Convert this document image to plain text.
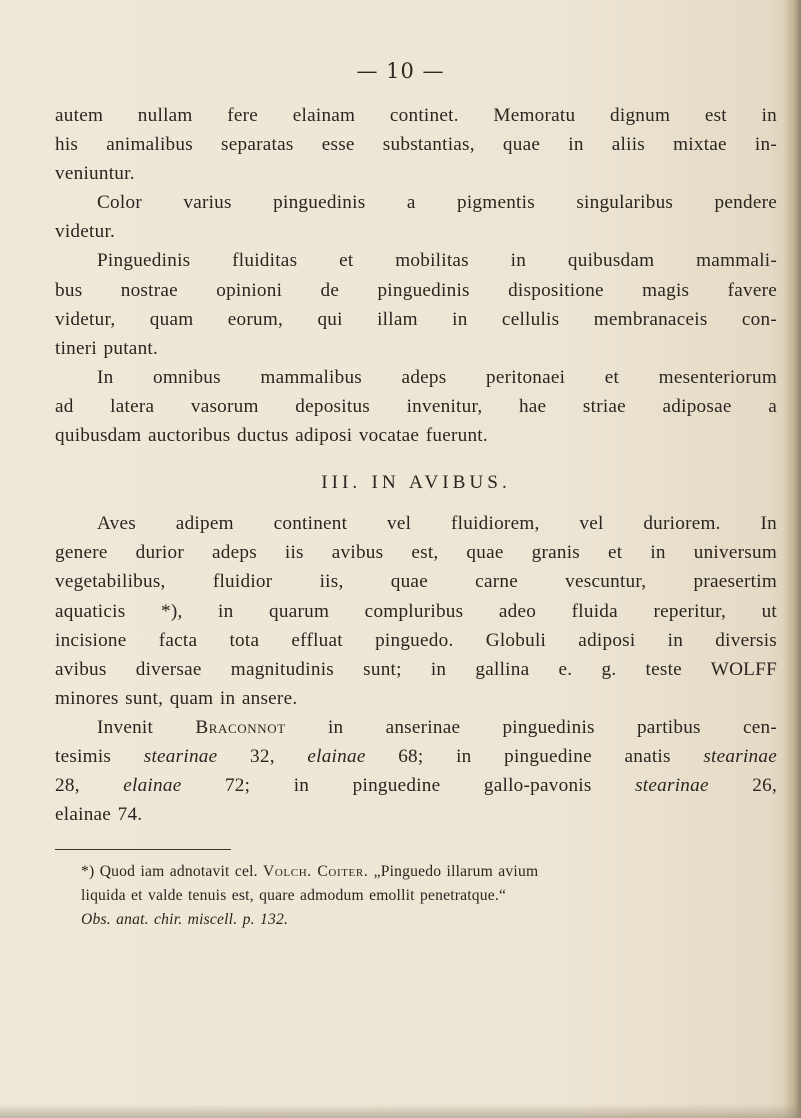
— 10 —
autem nullam fere elainam continet. Memoratu dignum est in
his animalibus separatas esse substantias, quae in aliis mixtae in-
veniuntur.
Color varius pinguedinis a pigmentis singularibus pendere
videtur.
Pinguedinis fluiditas et mobilitas in quibusdam mammali-
bus nostrae opinioni de pinguedinis dispositione magis favere
videtur, quam eorum, qui illam in cellulis membranaceis con-
tineri putant.
In omnibus mammalibus adeps peritonaei et mesenteriorum
ad latera vasorum depositus invenitur, hae striae adiposae a
quibusdam auctoribus ductus adiposi vocatae fuerunt.
III. IN AVIBUS.
Aves adipem continent vel fluidiorem, vel duriorem. In
genere durior adeps iis avibus est, quae granis et in universum
vegetabilibus, fluidior iis, quae carne vescuntur, praesertim
aquaticis *), in quarum compluribus adeo fluida reperitur, ut
incisione facta tota effluat pinguedo. Globuli adiposi in diversis
avibus diversae magnitudinis sunt; in gallina e. g. teste WOLFF
minores sunt, quam in ansere.
Invenit Braconnot in anserinae pinguedinis partibus cen-
tesimis stearinae 32, elainae 68; in pinguedine anatis stearinae
28, elainae 72; in pinguedine gallo-pavonis stearinae 26,
elainae 74.
*) Quod iam adnotavit cel. Volch. Coiter. „Pinguedo illarum avium
liquida et valde tenuis est, quare admodum emollit penetratque.“
Obs. anat. chir. miscell. p. 132.
